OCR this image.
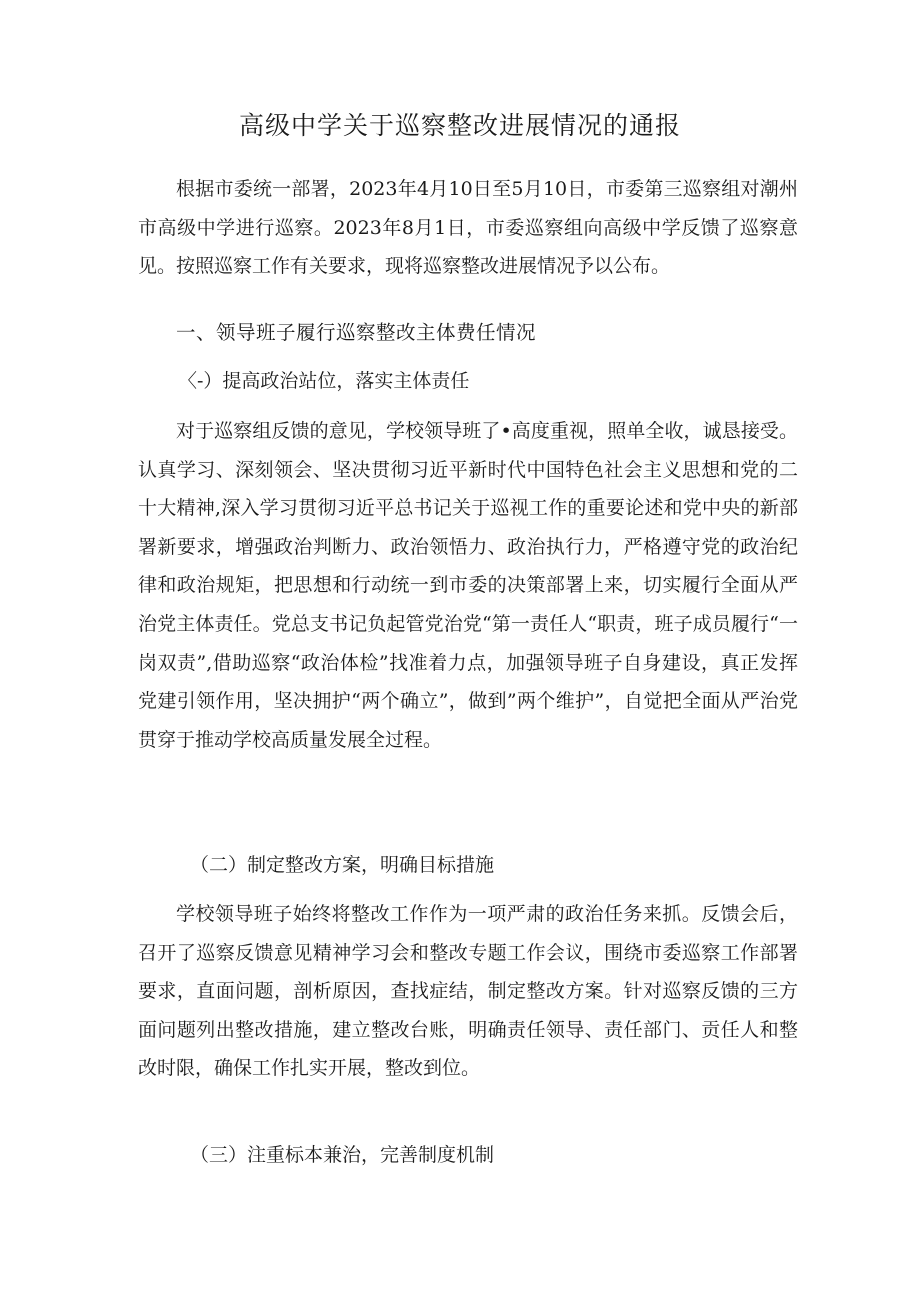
高级中学关于巡察整改进展情况的通报
根据市委统一部署，2023年4月10日至5月10日，市委第三巡察组对潮州市高级中学进行巡察。2023年8月1日，市委巡察组向高级中学反馈了巡察意见。按照巡察工作有关要求，现将巡察整改进展情况予以公布。
一、领导班子履行巡察整改主体费任情况
〈-）提高政治站位，落实主体责任
对于巡察组反馈的意见，学校领导班了•高度重视，照单全收，诚恳接受。认真学习、深刻领会、坚决贯彻习近平新时代中国特色社会主义思想和党的二十大精神,深入学习贯彻习近平总书记关于巡视工作的重要论述和党中央的新部署新要求，增强政治判断力、政治领悟力、政治执行力，严格遵守党的政治纪律和政治规矩，把思想和行动统一到市委的决策部署上来，切实履行全面从严治党主体责任。党总支书记负起管党治党“第一责任人“职责，班子成员履行“一岗双责”,借助巡察“政治体检”找准着力点，加强领导班子自身建设，真正发挥党建引领作用，坚决拥护“两个确立”，做到”两个维护”，自觉把全面从严治党贯穿于推动学校高质量发展全过程。
（二）制定整改方案，明确目标措施
学校领导班子始终将整改工作作为一项严肃的政治任务来抓。反馈会后，召开了巡察反馈意见精神学习会和整改专题工作会议，围绕市委巡察工作部署要求，直面问题，剖析原因，查找症结，制定整改方案。针对巡察反馈的三方面问题列出整改措施，建立整改台账，明确责任领导、责任部门、贡任人和整改时限，确保工作扎实开展，整改到位。
（三）注重标本兼治，完善制度机制
